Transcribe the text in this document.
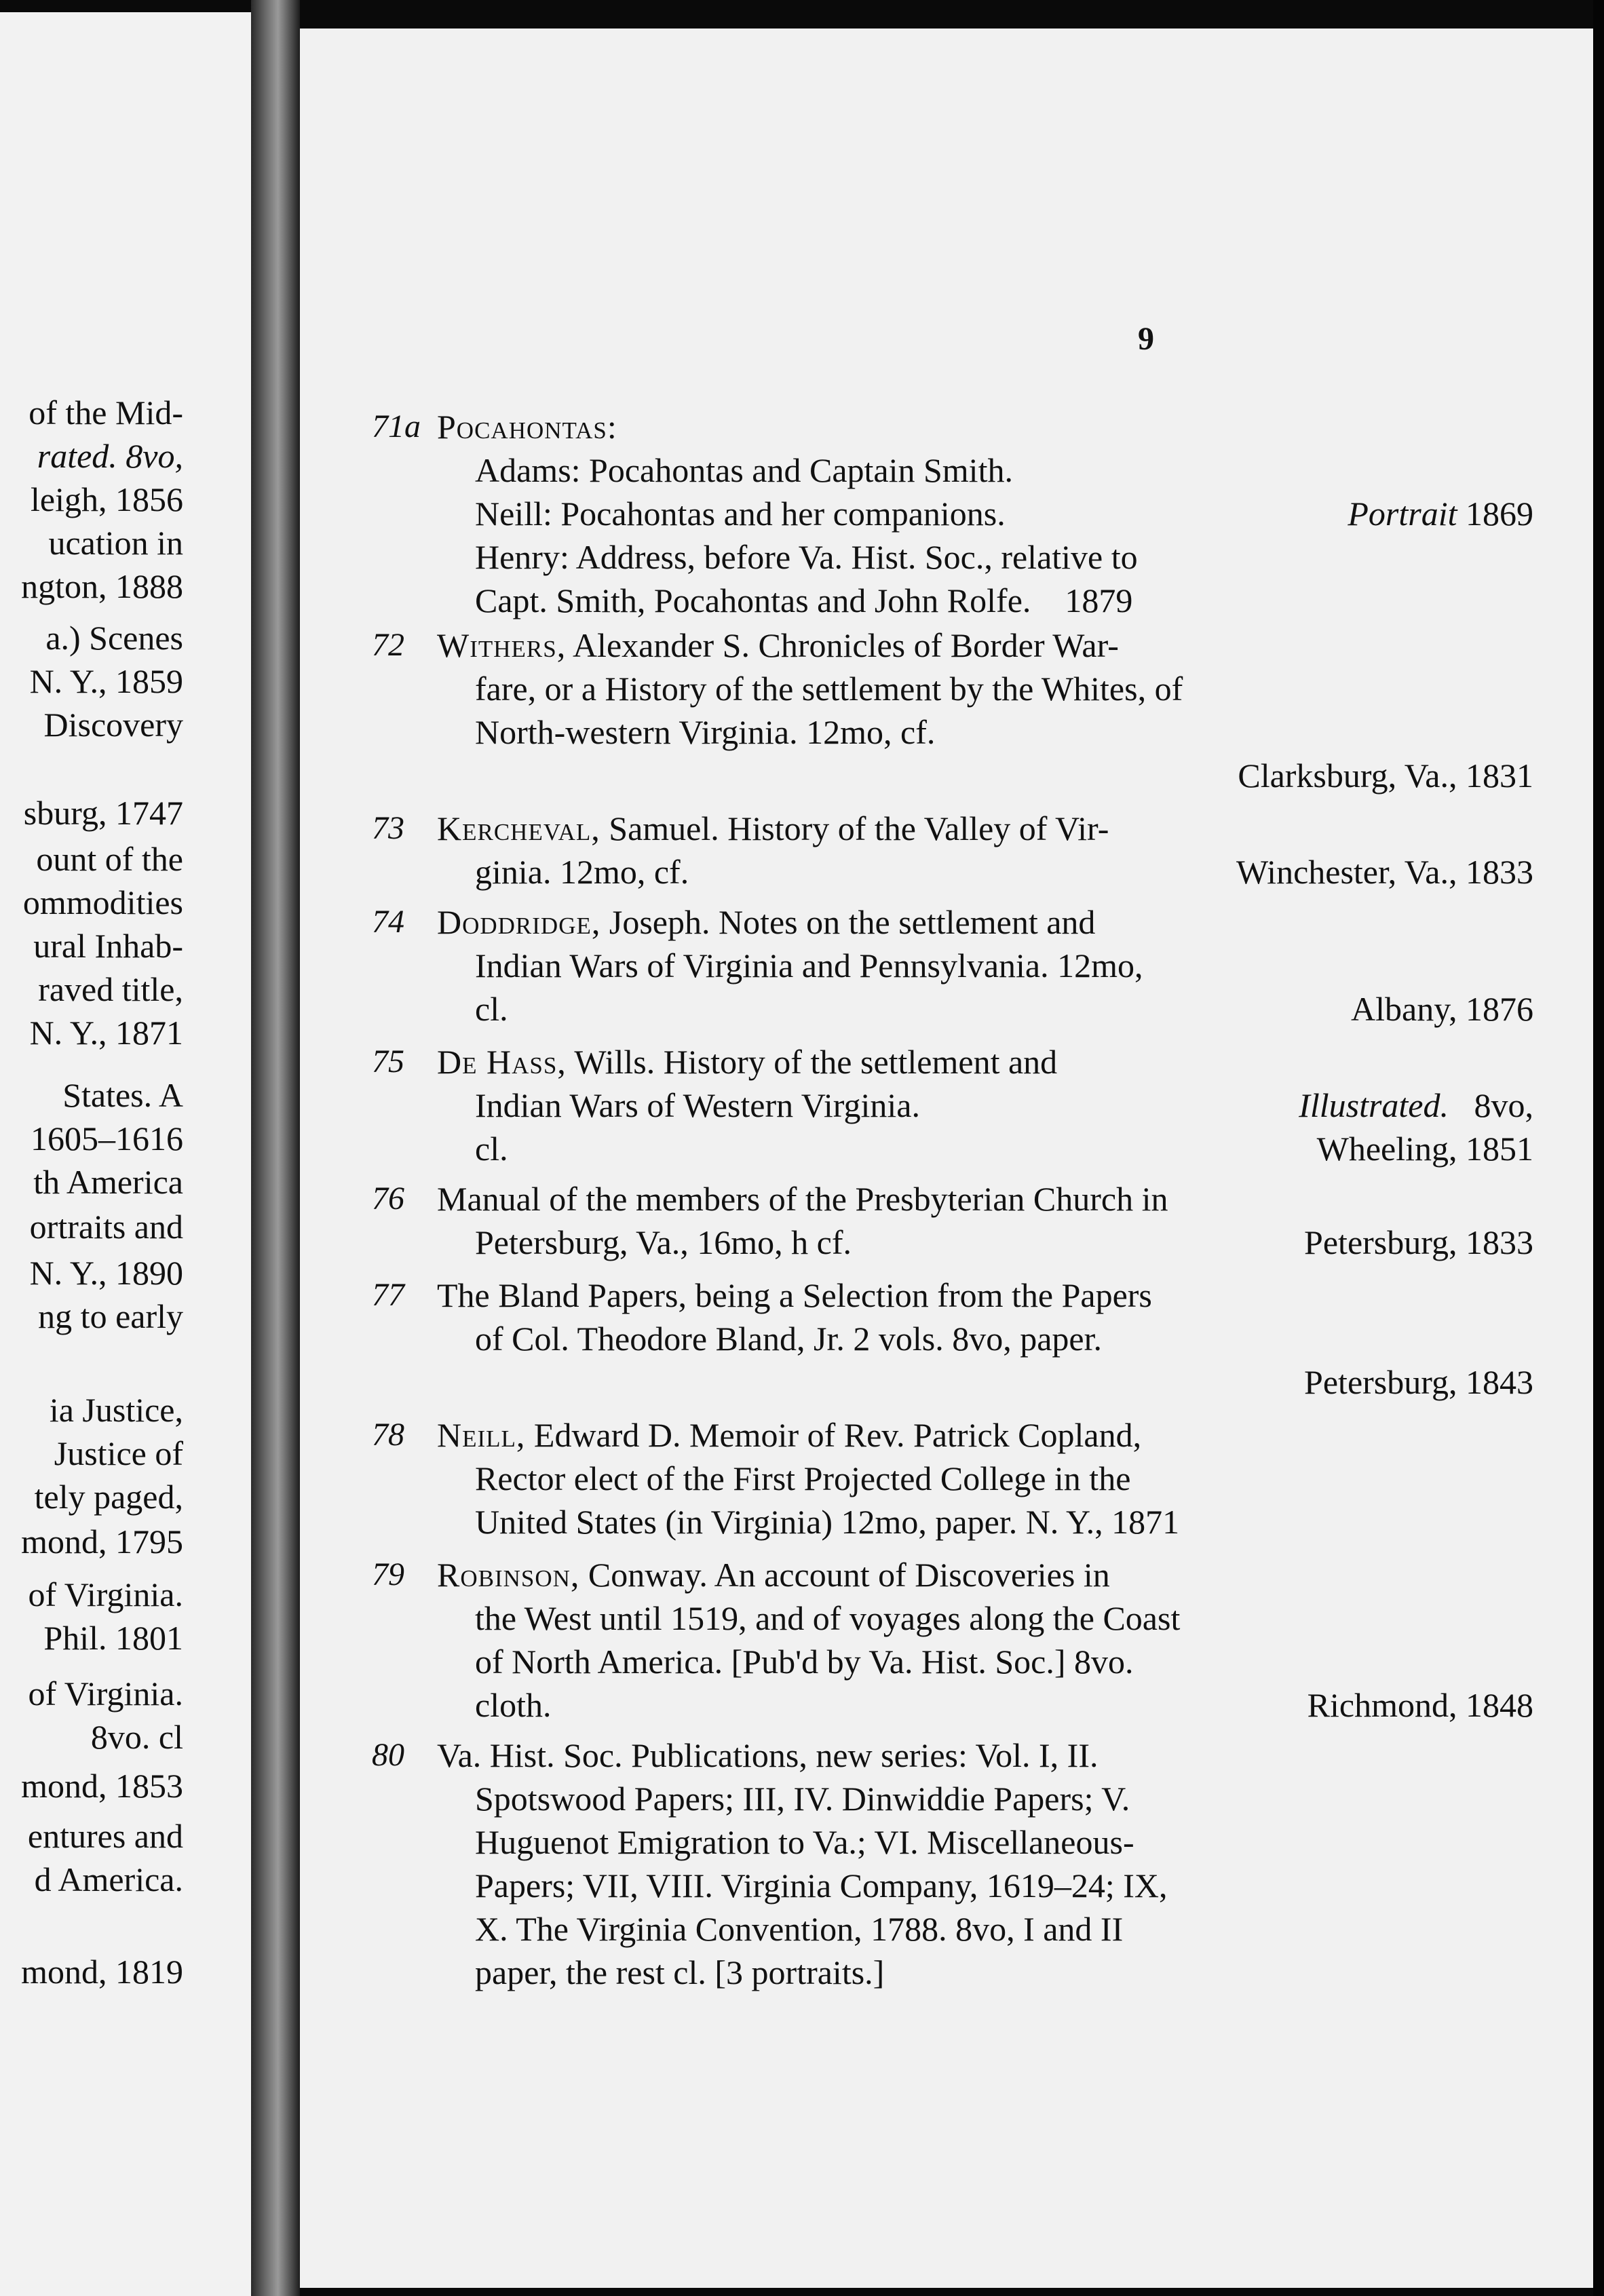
of the Mid-
rated. 8vo,
leigh, 1856
ucation in
ngton, 1888
a.) Scenes
N. Y., 1859
Discovery
sburg, 1747
ount of the
ommodities
ural Inhab-
raved title,
N. Y., 1871
States. A
1605–1616
th America
ortraits and
N. Y., 1890
ng to early
ia Justice,
Justice of
tely paged,
mond, 1795
of Virginia.
Phil. 1801
of Virginia.
8vo. cl
mond, 1853
entures and
d America.
mond, 1819
9
71a Pocahontas:
Adams: Pocahontas and Captain Smith.
Neill: Pocahontas and her companions.	Portrait 1869
Henry: Address, before Va. Hist. Soc., relative to
Capt. Smith, Pocahontas and John Rolfe. 1879
72 Withers, Alexander S. Chronicles of Border War-
fare, or a History of the settlement by the Whites, of
North-western Virginia. 12mo, cf.
Clarksburg, Va., 1831
73 Kercheval, Samuel. History of the Valley of Vir-
ginia. 12mo, cf.	Winchester, Va., 1833
74 Doddridge, Joseph. Notes on the settlement and
Indian Wars of Virginia and Pennsylvania. 12mo,
cl.	Albany, 1876
75 De Hass, Wills. History of the settlement and
Indian Wars of Western Virginia.	Illustrated. 8vo,
cl.	Wheeling, 1851
76 Manual of the members of the Presbyterian Church in
Petersburg, Va., 16mo, h cf.	Petersburg, 1833
77 The Bland Papers, being a Selection from the Papers
of Col. Theodore Bland, Jr. 2 vols. 8vo, paper.
Petersburg, 1843
78 Neill, Edward D. Memoir of Rev. Patrick Copland,
Rector elect of the First Projected College in the
United States (in Virginia) 12mo, paper. N. Y., 1871
79 Robinson, Conway. An account of Discoveries in
the West until 1519, and of voyages along the Coast
of North America. [Pub'd by Va. Hist. Soc.] 8vo.
cloth.	Richmond, 1848
80 Va. Hist. Soc. Publications, new series: Vol. I, II.
Spotswood Papers; III, IV. Dinwiddie Papers; V.
Huguenot Emigration to Va.; VI. Miscellaneous-
Papers; VII, VIII. Virginia Company, 1619–24; IX,
X. The Virginia Convention, 1788. 8vo, I and II
paper, the rest cl. [3 portraits.]
